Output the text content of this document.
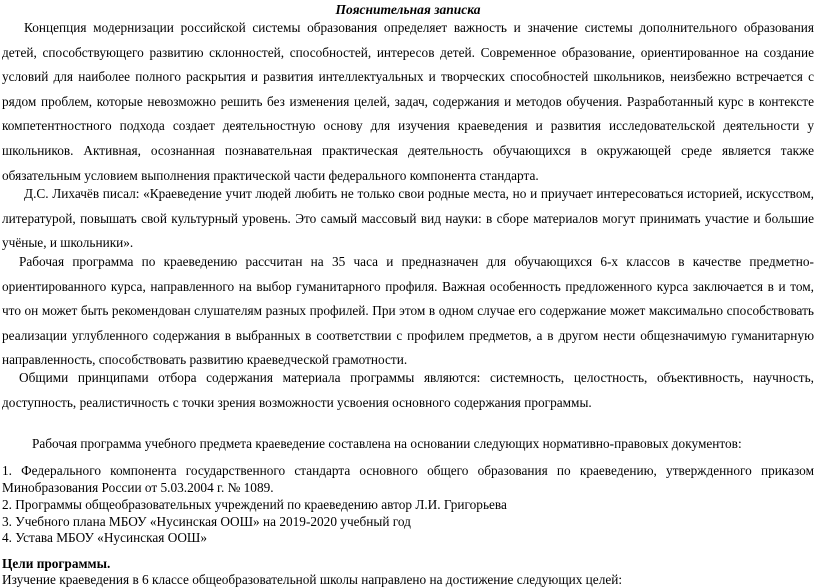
Пояснительная записка
Концепция модернизации российской системы образования определяет важность и значение системы дополнительного образования детей, способствующего развитию склонностей, способностей, интересов детей. Современное образование, ориентированное на создание условий для наиболее полного раскрытия и развития интеллектуальных и творческих способностей школьников, неизбежно встречается с рядом проблем, которые невозможно решить без изменения целей, задач, содержания и методов обучения. Разработанный курс в контексте компетентностного подхода создает деятельностную основу для изучения краеведения и развития исследовательской деятельности у школьников. Активная, осознанная познавательная практическая деятельность обучающихся в окружающей среде является также обязательным условием выполнения практической части федерального компонента стандарта.
Д.С. Лихачёв писал: «Краеведение учит людей любить не только свои родные места, но и приучает интересоваться историей, искусством, литературой, повышать свой культурный уровень. Это самый массовый вид науки: в сборе материалов могут принимать участие и большие учёные, и школьники».
Рабочая программа по краеведению рассчитан на 35 часа и предназначен для обучающихся 6-х классов в качестве предметно-ориентированного курса, направленного на выбор гуманитарного профиля. Важная особенность предложенного курса заключается в и том, что он может быть рекомендован слушателям разных профилей. При этом в одном случае его содержание может максимально способствовать реализации углубленного содержания в выбранных в соответствии с профилем предметов, а в другом нести общезначимую гуманитарную направленность, способствовать развитию краеведческой грамотности.
Общими принципами отбора содержания материала программы являются: системность, целостность, объективность, научность, доступность, реалистичность с точки зрения возможности усвоения основного содержания программы.
Рабочая программа учебного предмета краеведение составлена на основании следующих нормативно-правовых документов:
1. Федерального компонента государственного стандарта основного общего образования по краеведению, утвержденного приказом Минобразования России от 5.03.2004 г. № 1089.
2. Программы общеобразовательных учреждений по краеведению автор Л.И. Григорьева
3. Учебного плана МБОУ «Нусинская ООШ» на 2019-2020 учебный год
4. Устава МБОУ «Нусинская ООШ»
Цели программы.
Изучение краеведения в 6 классе общеобразовательной школы направлено на достижение следующих целей:
